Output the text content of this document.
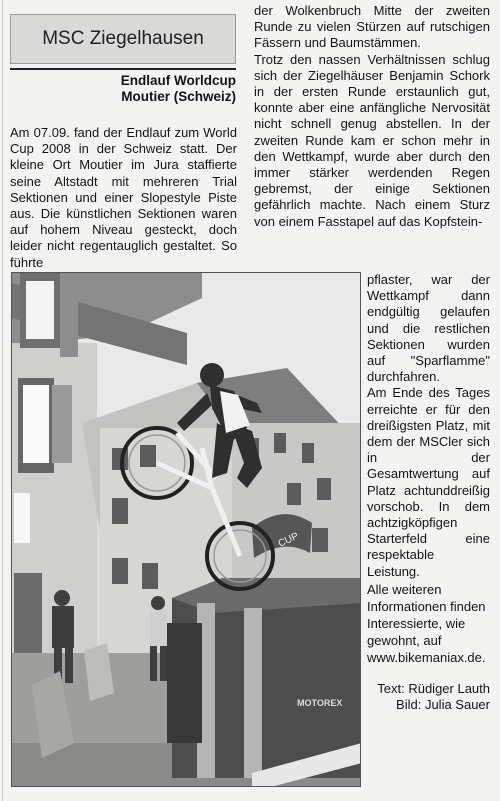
MSC Ziegelhausen
Endlauf Worldcup
Moutier (Schweiz)

Am 07.09. fand der Endlauf zum World Cup 2008 in der Schweiz statt. Der kleine Ort Moutier im Jura staffierte seine Altstadt mit mehreren Trial Sektionen und einer Slopestyle Piste aus. Die künstlichen Sektionen waren auf hohem Niveau gesteckt, doch leider nicht regentauglich gestaltet. So führte

der Wolkenbruch Mitte der zweiten Runde zu vielen Stürzen auf rutschigen Fässern und Baumstämmen.

Trotz den nassen Verhältnissen schlug sich der Ziegelhäuser Benjamin Schork in der ersten Runde erstaunlich gut, konnte aber eine anfängliche Nervosität nicht schnell genug abstellen. In der zweiten Runde kam er schon mehr in den Wettkampf, wurde aber durch den immer stärker werdenden Regen gebremst, der einige Sektionen gefährlich machte. Nach einem Sturz von einem Fasstapel auf das Kopfstein-

pflaster, war der Wettkampf dann endgültig gelaufen und die restlichen Sektionen wurden auf "Sparflamme" durchfahren.

Am Ende des Tages erreichte er für den dreißigsten Platz, mit dem der MSCler sich in der Gesamtwertung auf Platz achtunddreißig vorschob. In dem achtzigköpfigen Starterfeld eine respektable Leistung.

Alle weiteren Informationen finden Interessierte, wie gewohnt, auf www.bikemaniax.de.

Text: Rüdiger Lauth
Bild: Julia Sauer
CUP
MOTOREX
